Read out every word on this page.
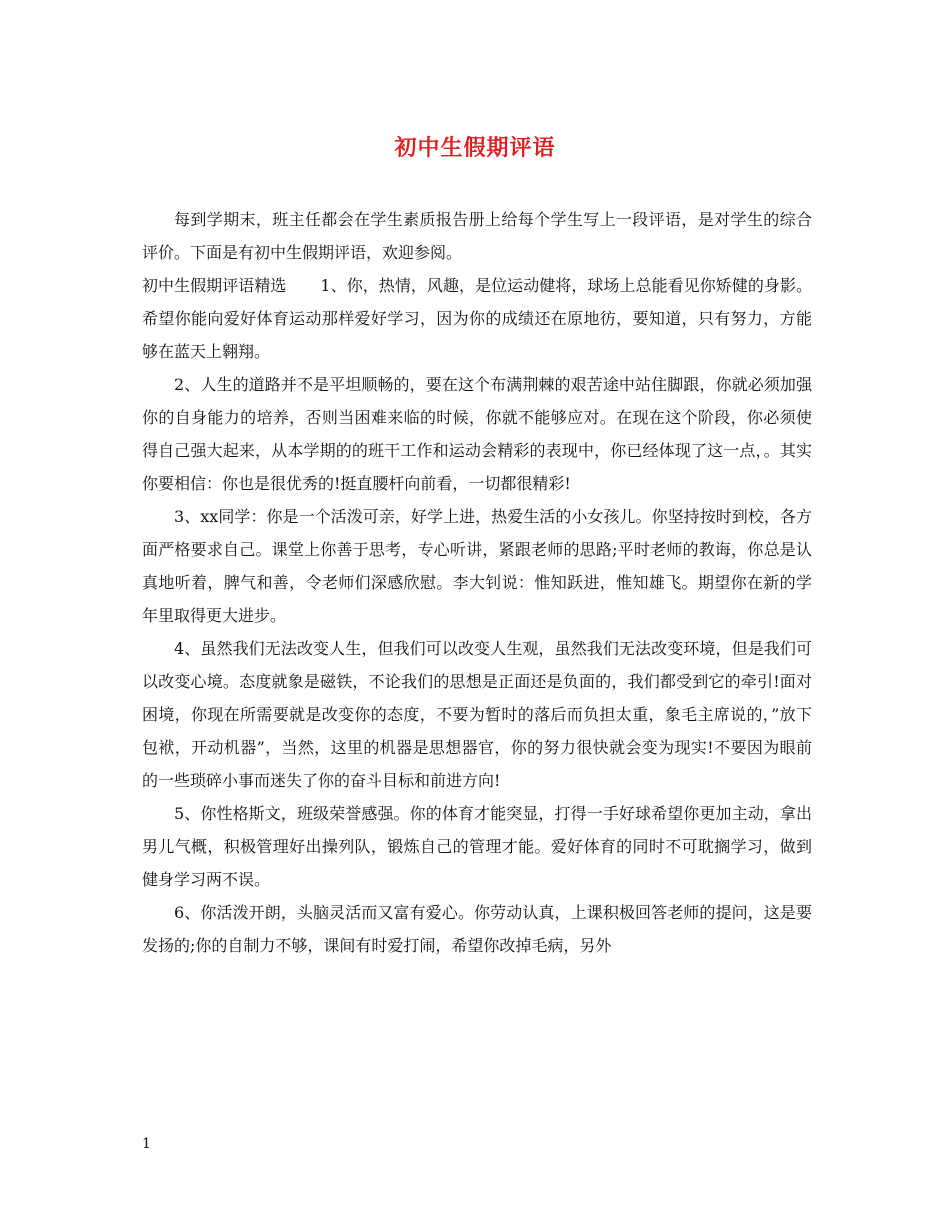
初中生假期评语

每到学期末，班主任都会在学生素质报告册上给每个学生写上一段评语，是对学生的综合评价。下面是有初中生假期评语，欢迎参阅。

初中生假期评语精选 1、你，热情，风趣，是位运动健将，球场上总能看见你矫健的身影。希望你能向爱好体育运动那样爱好学习，因为你的成绩还在原地彷，要知道，只有努力，方能够在蓝天上翱翔。

2、人生的道路并不是平坦顺畅的，要在这个布满荆棘的艰苦途中站住脚跟，你就必须加强你的自身能力的培养，否则当困难来临的时候，你就不能够应对。在现在这个阶段，你必须使得自己强大起来，从本学期的的班干工作和运动会精彩的表现中，你已经体现了这一点，。其实你要相信：你也是很优秀的!挺直腰杆向前看，一切都很精彩!

3、xx同学：你是一个活泼可亲，好学上进，热爱生活的小女孩儿。你坚持按时到校，各方面严格要求自己。课堂上你善于思考，专心听讲，紧跟老师的思路;平时老师的教诲，你总是认真地听着，脾气和善，令老师们深感欣慰。李大钊说：惟知跃进，惟知雄飞。期望你在新的学年里取得更大进步。

4、虽然我们无法改变人生，但我们可以改变人生观，虽然我们无法改变环境，但是我们可以改变心境。态度就象是磁铁，不论我们的思想是正面还是负面的，我们都受到它的牵引!面对困境，你现在所需要就是改变你的态度，不要为暂时的落后而负担太重，象毛主席说的，”放下包袱，开动机器”，当然，这里的机器是思想器官，你的努力很快就会变为现实!不要因为眼前的一些琐碎小事而迷失了你的奋斗目标和前进方向!

5、你性格斯文，班级荣誉感强。你的体育才能突显，打得一手好球希望你更加主动，拿出男儿气概，积极管理好出操列队，锻炼自己的管理才能。爱好体育的同时不可耽搁学习，做到健身学习两不误。

6、你活泼开朗，头脑灵活而又富有爱心。你劳动认真，上课积极回答老师的提问，这是要发扬的;你的自制力不够，课间有时爱打闹，希望你改掉毛病，另外

1
